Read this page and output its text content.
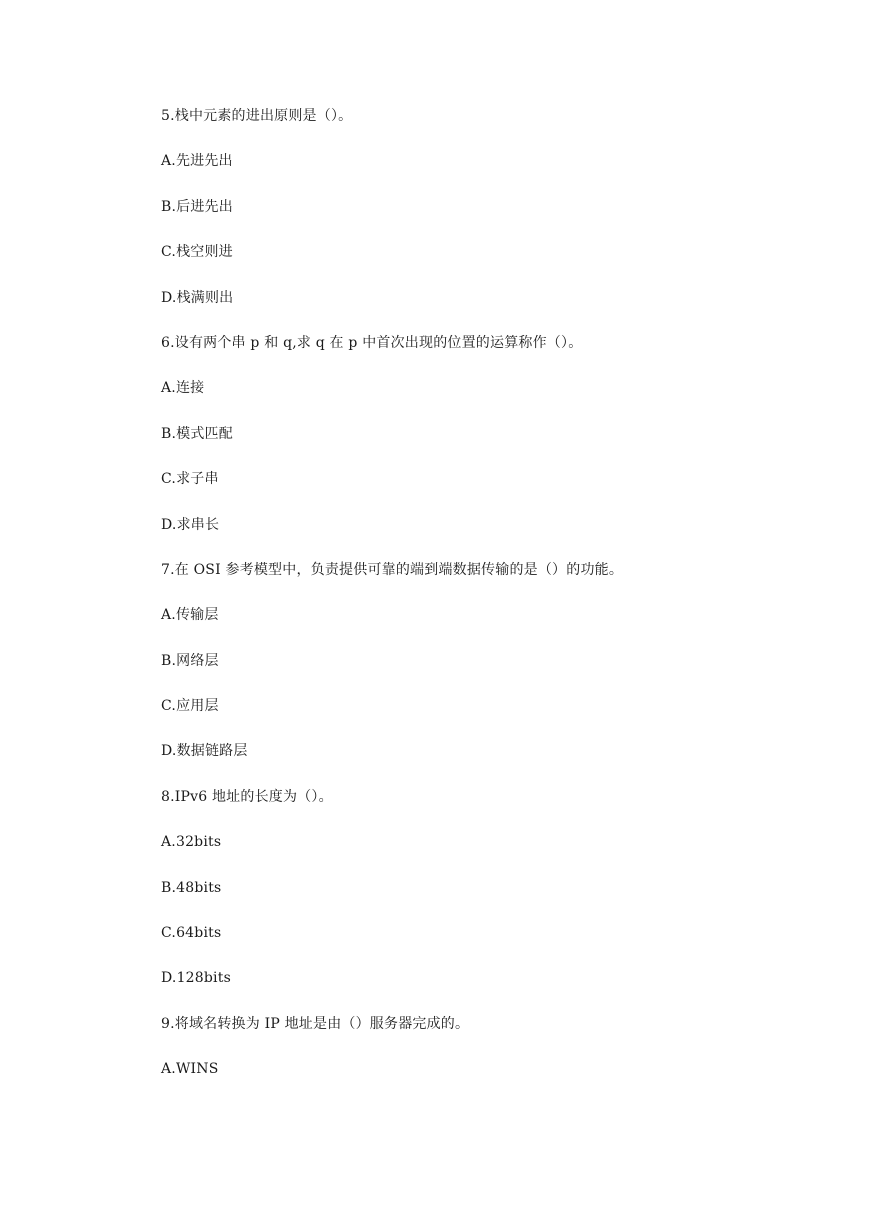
5.栈中元素的进出原则是（）。
A.先进先出
B.后进先出
C.栈空则进
D.栈满则出
6.设有两个串 p 和 q,求 q 在 p 中首次出现的位置的运算称作（）。
A.连接
B.模式匹配
C.求子串
D.求串长
7.在 OSI 参考模型中，负责提供可靠的端到端数据传输的是（）的功能。
A.传输层
B.网络层
C.应用层
D.数据链路层
8.IPv6 地址的长度为（）。
A.32bits
B.48bits
C.64bits
D.128bits
9.将域名转换为 IP 地址是由（）服务器完成的。
A.WINS
